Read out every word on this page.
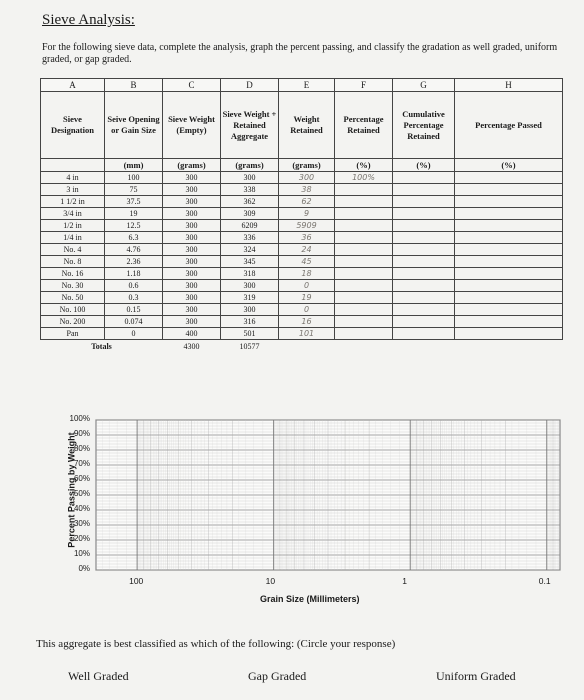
Sieve Analysis:
For the following sieve data, complete the analysis, graph the percent passing, and classify the gradation as well graded, uniform graded, or gap graded.
A	B	C	D	E	F	G	H
Sieve Designation	Seive Opening or Gain Size	Sieve Weight (Empty)	Sieve Weight + Retained Aggregate	Weight Retained	Percentage Retained	Cumulative Percentage Retained	Percentage Passed
	(mm)	(grams)	(grams)	(grams)	(%)	(%)	(%)
4 in	100	300	300	300	100%		
3 in	75	300	338	38			
1 1/2 in	37.5	300	362	62			
3/4 in	19	300	309	9			
1/2 in	12.5	300	6209	5909			
1/4 in	6.3	300	336	36			
No. 4	4.76	300	324	24			
No. 8	2.36	300	345	45			
No. 16	1.18	300	318	18			
No. 30	0.6	300	300	0			
No. 50	0.3	300	319	19			
No. 100	0.15	300	300	0			
No. 200	0.074	300	316	16			
Pan	0	400	501	101			
Totals		4300	10577				
Percent Passing by Weight
100%
90%
80%
70%
60%
50%
40%
30%
20%
10%
0%
100	10	1	0.1
Grain Size (Millimeters)
This aggregate is best classified as which of the following: (Circle your response)
Well Graded	Gap Graded	Uniform Graded
